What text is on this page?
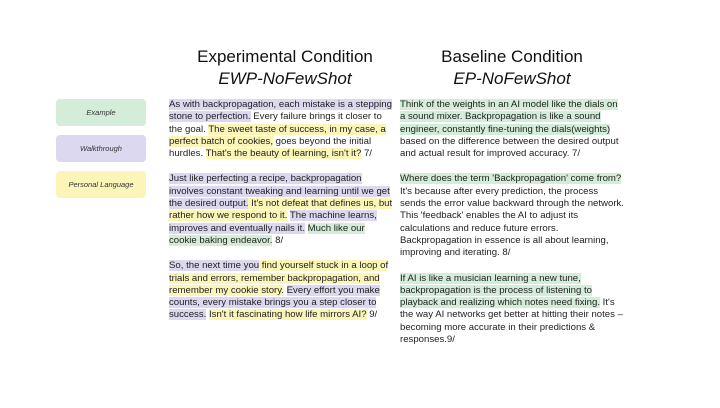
Experimental Condition
EWP-NoFewShot
Baseline Condition
EP-NoFewShot
Example
Walkthrough
Personal Language

As with backpropagation, each mistake is a stepping stone to perfection. Every failure brings it closer to the goal. The sweet taste of success, in my case, a perfect batch of cookies, goes beyond the initial hurdles. That's the beauty of learning, isn't it? 7/

Just like perfecting a recipe, backpropagation involves constant tweaking and learning until we get the desired output. It's not defeat that defines us, but rather how we respond to it. The machine learns, improves and eventually nails it. Much like our cookie baking endeavor. 8/

So, the next time you find yourself stuck in a loop of trials and errors, remember backpropagation, and remember my cookie story. Every effort you make counts, every mistake brings you a step closer to success. Isn't it fascinating how life mirrors AI? 9/

Think of the weights in an AI model like the dials on a sound mixer. Backpropagation is like a sound engineer, constantly fine-tuning the dials(weights) based on the difference between the desired output and actual result for improved accuracy. 7/

Where does the term 'Backpropagation' come from? It's because after every prediction, the process sends the error value backward through the network. This 'feedback' enables the AI to adjust its calculations and reduce future errors. Backpropagation in essence is all about learning, improving and iterating. 8/

If AI is like a musician learning a new tune, backpropagation is the process of listening to playback and realizing which notes need fixing. It's the way AI networks get better at hitting their notes – becoming more accurate in their predictions & responses.9/
